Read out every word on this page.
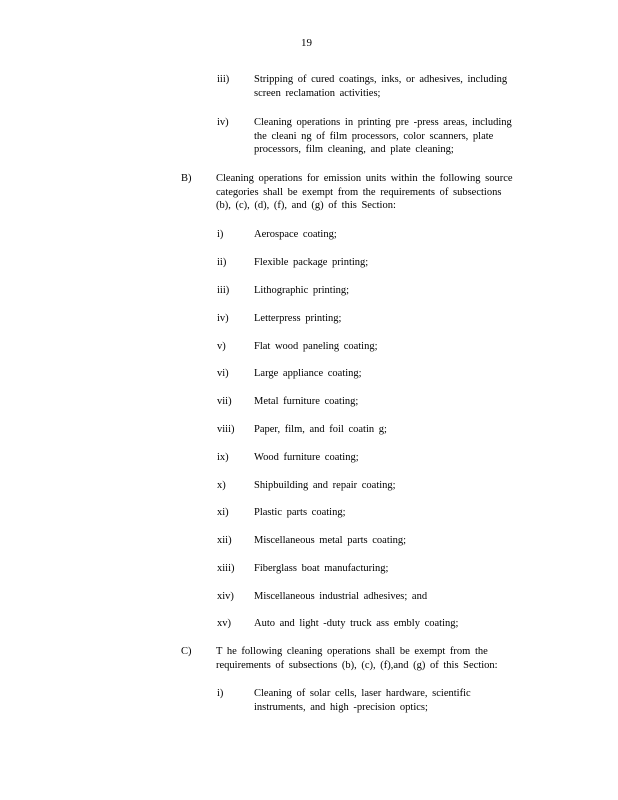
19
iii) Stripping of cured coatings, inks, or adhesives, including
screen reclamation activities;
iv) Cleaning operations in printing pre -press areas, including
the cleani ng of film processors, color scanners, plate
processors, film cleaning, and plate cleaning;
B) Cleaning operations for emission units within the following source
categories shall be exempt from the requirements of subsections
(b), (c), (d), (f), and (g) of this Section:
i)	Aerospace coating;
ii)	Flexible package printing;
iii) Lithographic printing;
iv) Letterpress printing;
v)	Flat wood paneling coating;
vi) Large appliance coating;
vii) Metal furniture coating;
viii) Paper, film, and foil coatin g;
ix) Wood furniture coating;
x)	Shipbuilding and repair coating;
xi) Plastic parts coating;
xii) Miscellaneous metal parts coating;
xiii) Fiberglass boat manufacturing;
xiv) Miscellaneous industrial adhesives; and
xv) Auto and light -duty truck ass embly coating;
C) T he following cleaning operations shall be exempt from the
requirements of subsections (b), (c), (f),and (g) of this Section:
i)	Cleaning of solar cells, laser hardware, scientific
instruments, and high -precision optics;
